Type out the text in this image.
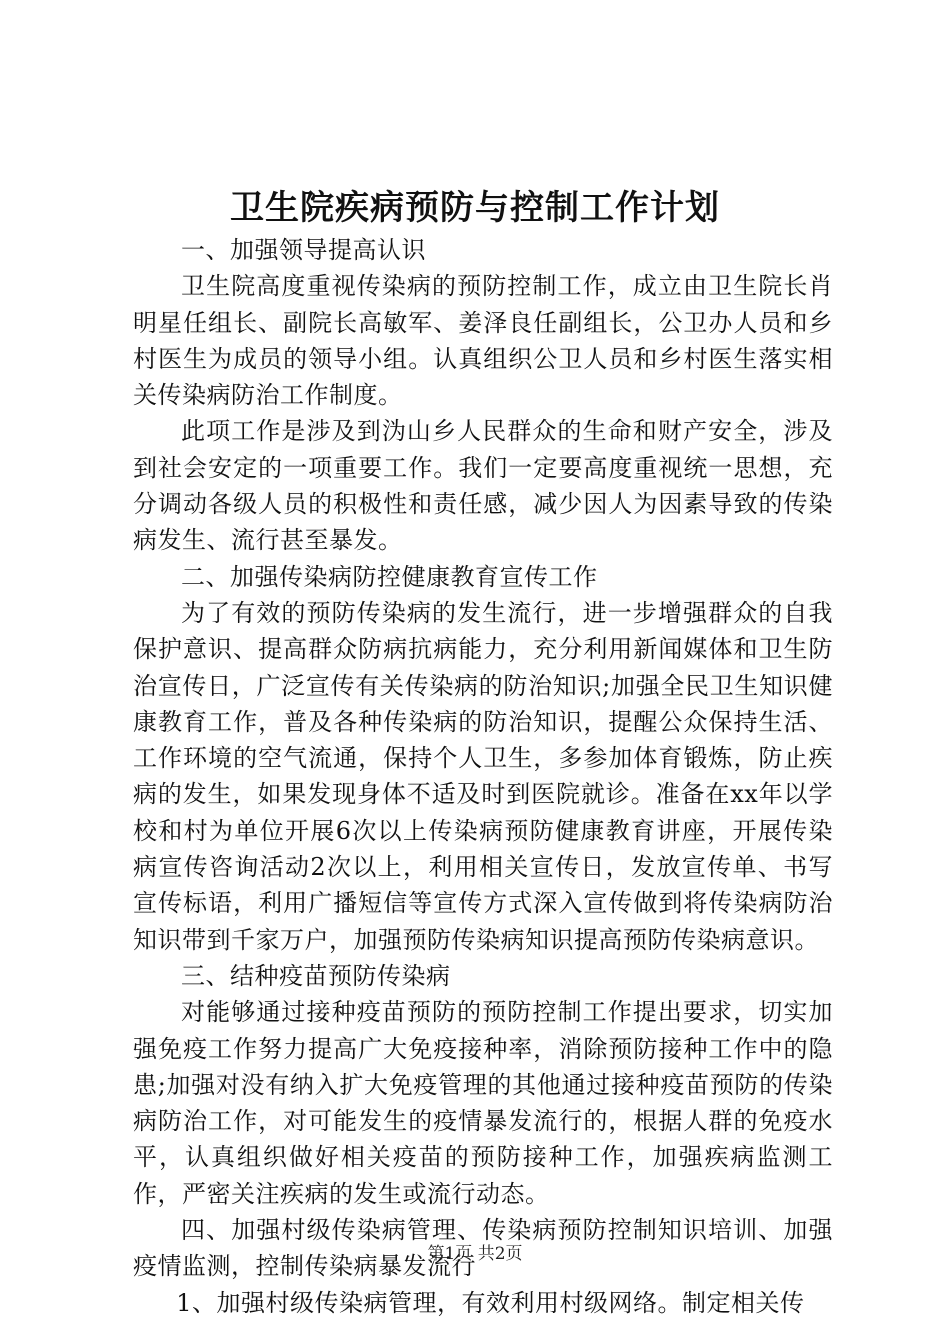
卫生院疾病预防与控制工作计划

一、加强领导提高认识

卫生院高度重视传染病的预防控制工作，成立由卫生院长肖明星任组长、副院长高敏军、姜泽良任副组长，公卫办人员和乡村医生为成员的领导小组。认真组织公卫人员和乡村医生落实相关传染病防治工作制度。

此项工作是涉及到沩山乡人民群众的生命和财产安全，涉及到社会安定的一项重要工作。我们一定要高度重视统一思想，充分调动各级人员的积极性和责任感，减少因人为因素导致的传染病发生、流行甚至暴发。

二、加强传染病防控健康教育宣传工作

为了有效的预防传染病的发生流行，进一步增强群众的自我保护意识、提高群众防病抗病能力，充分利用新闻媒体和卫生防治宣传日，广泛宣传有关传染病的防治知识;加强全民卫生知识健康教育工作，普及各种传染病的防治知识，提醒公众保持生活、工作环境的空气流通，保持个人卫生，多参加体育锻炼，防止疾病的发生，如果发现身体不适及时到医院就诊。准备在xx年以学校和村为单位开展6次以上传染病预防健康教育讲座，开展传染病宣传咨询活动2次以上，利用相关宣传日，发放宣传单、书写宣传标语，利用广播短信等宣传方式深入宣传做到将传染病防治知识带到千家万户，加强预防传染病知识提高预防传染病意识。

三、结种疫苗预防传染病

对能够通过接种疫苗预防的预防控制工作提出要求，切实加强免疫工作努力提高广大免疫接种率，消除预防接种工作中的隐患;加强对没有纳入扩大免疫管理的其他通过接种疫苗预防的传染病防治工作，对可能发生的疫情暴发流行的，根据人群的免疫水平，认真组织做好相关疫苗的预防接种工作，加强疾病监测工作，严密关注疾病的发生或流行动态。

四、加强村级传染病管理、传染病预防控制知识培训、加强疫情监测，控制传染病暴发流行

1、加强村级传染病管理，有效利用村级网络。制定相关传

第1页 共2页
